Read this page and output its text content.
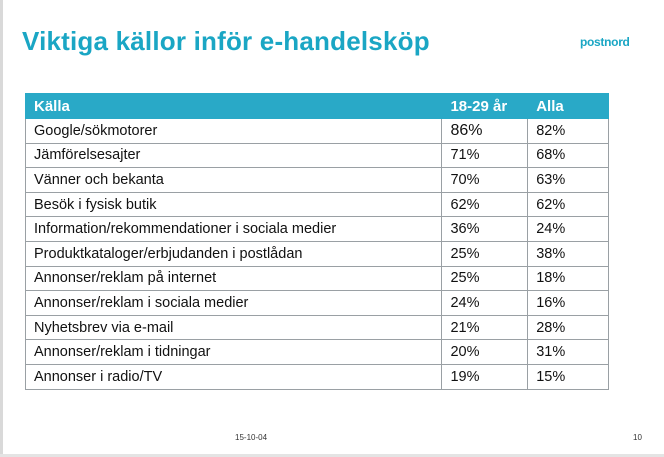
Viktiga källor inför e-handelsköp	postnord
Källa	18-29 år	Alla
Google/sökmotorer	86%	82%
Jämförelsesajter	71%	68%
Vänner och bekanta	70%	63%
Besök i fysisk butik	62%	62%
Information/rekommendationer i sociala medier	36%	24%
Produktkataloger/erbjudanden i postlådan	25%	38%
Annonser/reklam på internet	25%	18%
Annonser/reklam i sociala medier	24%	16%
Nyhetsbrev via e-mail	21%	28%
Annonser/reklam i tidningar	20%	31%
Annonser i radio/TV	19%	15%
15-10-04	10
